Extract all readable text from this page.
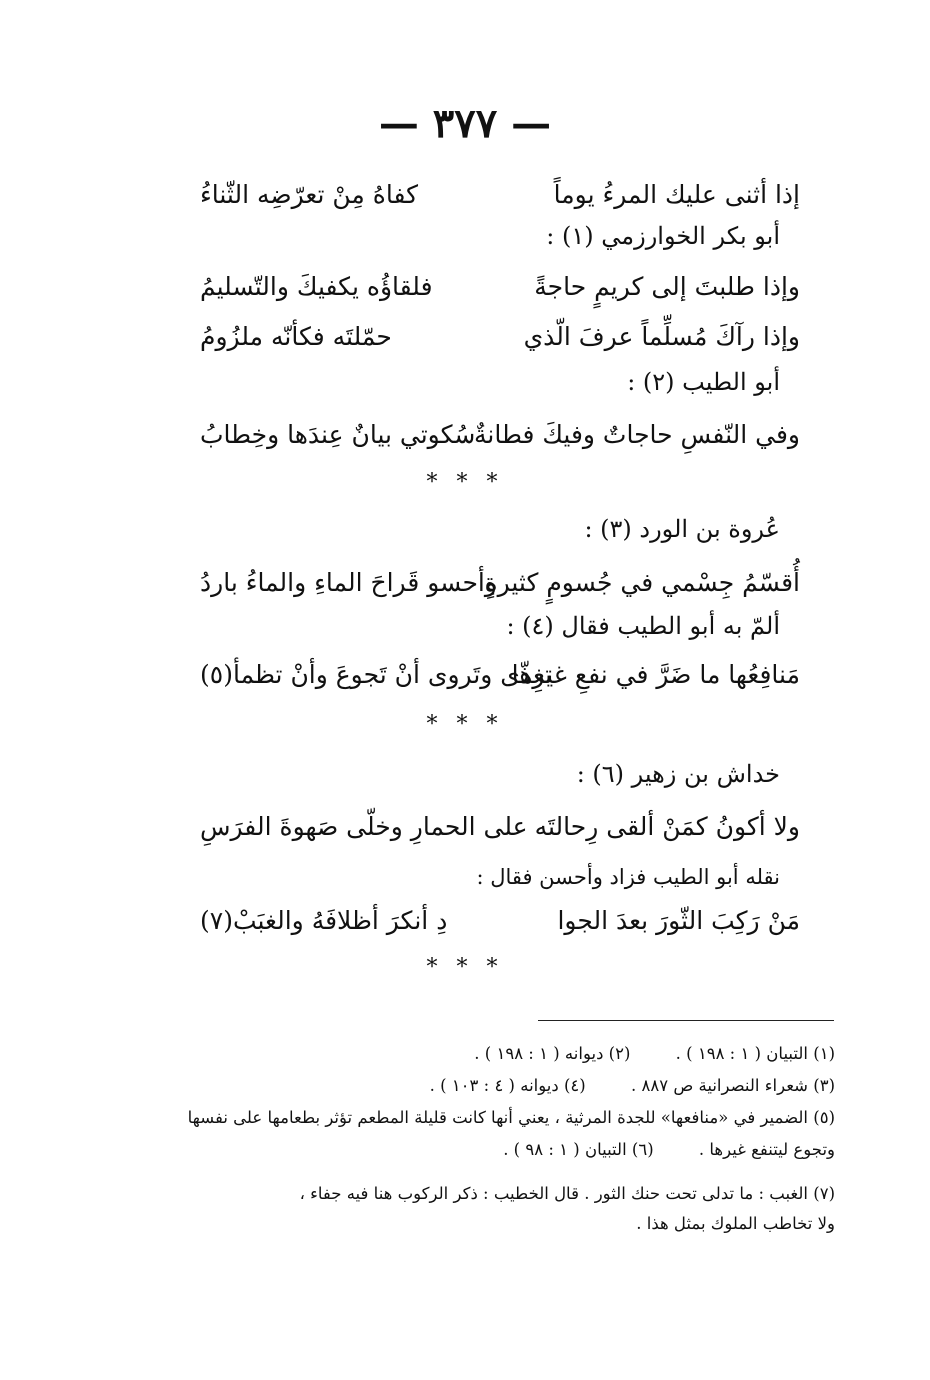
— ٣٧٧ —
إذا أثنى عليك المرءُ يوماً
كفاهُ مِنْ تعرّضِه الثّناءُ
أبو بكر الخوارزمي (١) :
وإذا طلبتَ إلى كريمٍ حاجةً
فلقاؤُه يكفيكَ والتّسليمُ
وإذا رآكَ مُسلِّماً عرفَ الّذي
حمّلتَه فكأنّه ملزُومُ
أبو الطيب (٢) :
وفي النّفسِ حاجاتٌ وفيكَ فطانةٌ
سُكوتي بيانٌ عِندَها وخِطابُ
* * *
عُروة بن الورد (٣) :
أُقسّمُ جِسْمي في جُسومٍ كثيرةٍ
وأحسو قَراحَ الماءِ والماءُ باردُ
ألمّ به أبو الطيب فقال (٤) :
مَنافِعُها ما ضَرَّ في نفعِ غيرِها
تغذّى وتَروى أنْ تَجوعَ وأنْ تظمأ(٥)
* * *
خداش بن زهير (٦) :
ولا أكونُ كمَنْ ألقى رِحالتَه
على الحمارِ وخلّى صَهوةَ الفرَسِ
نقله أبو الطيب فزاد وأحسن فقال :
مَنْ رَكِبَ الثّورَ بعدَ الجوا
دِ أنكرَ أظلافَهُ والغبَبْ(٧)
* * *
(١) التبيان ( ١ : ١٩٨ ) . (٢) ديوانه ( ١ : ١٩٨ ) .
(٣) شعراء النصرانية ص ٨٨٧ . (٤) ديوانه ( ٤ : ١٠٣ ) .
(٥) الضمير في «منافعها» للجدة المرثية ، يعني أنها كانت قليلة المطعم تؤثر بطعامها على نفسها
وتجوع ليتنفع غيرها . (٦) التبيان ( ١ : ٩٨ ) .
(٧) الغبب : ما تدلى تحت حنك الثور . قال الخطيب : ذكر الركوب هنا فيه جفاء ،
ولا تخاطب الملوك بمثل هذا .
